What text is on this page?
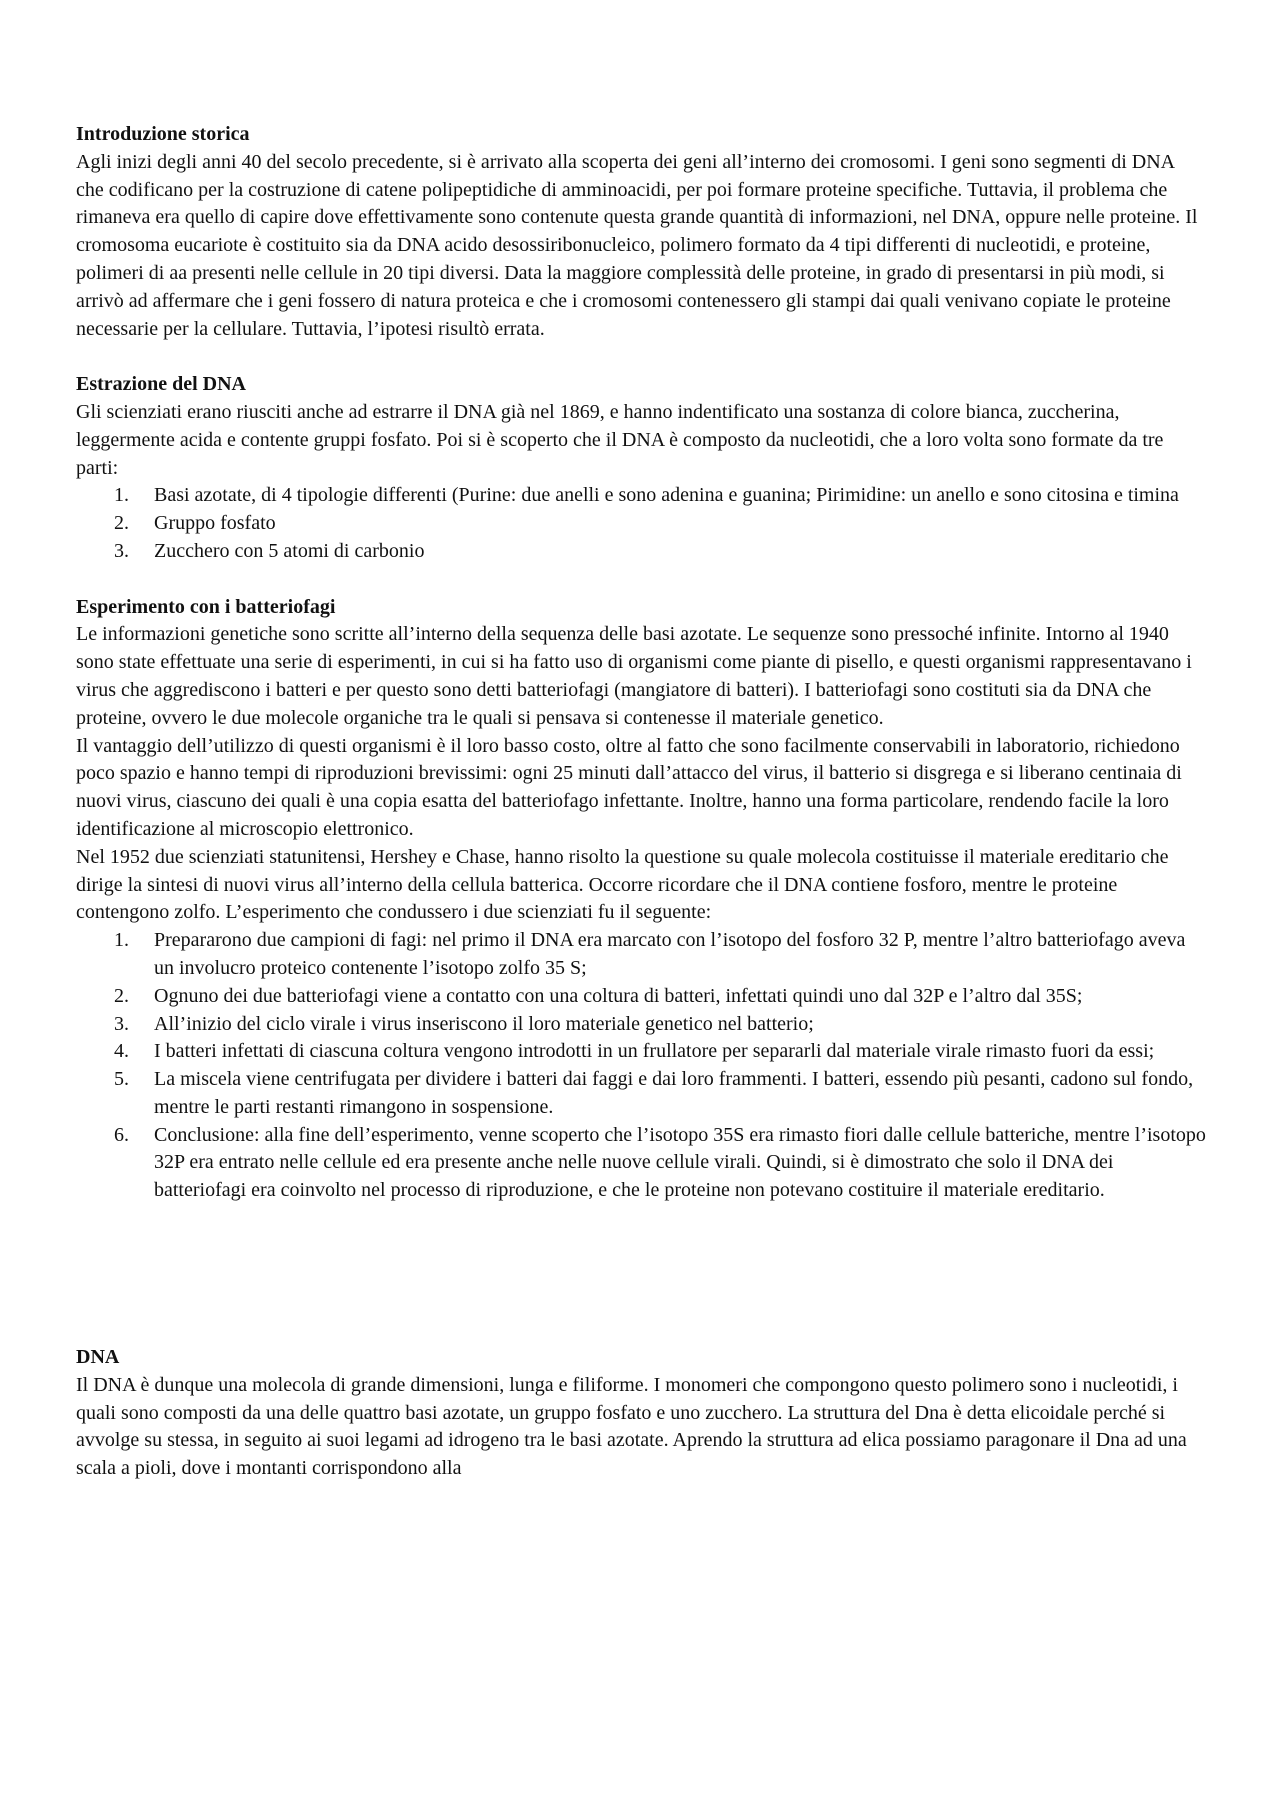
Introduzione storica

Agli inizi degli anni 40 del secolo precedente, si è arrivato alla scoperta dei geni all’interno dei cromosomi. I geni sono segmenti di DNA che codificano per la costruzione di catene polipeptidiche di amminoacidi, per poi formare proteine specifiche. Tuttavia, il problema che rimaneva era quello di capire dove effettivamente sono contenute questa grande quantità di informazioni, nel DNA, oppure nelle proteine. Il cromosoma eucariote è costituito sia da DNA acido desossiribonucleico, polimero formato da 4 tipi differenti di nucleotidi, e proteine, polimeri di aa presenti nelle cellule in 20 tipi diversi. Data la maggiore complessità delle proteine, in grado di presentarsi in più modi, si arrivò ad affermare che i geni fossero di natura proteica e che i cromosomi contenessero gli stampi dai quali venivano copiate le proteine necessarie per la cellulare. Tuttavia, l’ipotesi risultò errata.

Estrazione del DNA

Gli scienziati erano riusciti anche ad estrarre il DNA già nel 1869, e hanno indentificato una sostanza di colore bianca, zuccherina, leggermente acida e contente gruppi fosfato. Poi si è scoperto che il DNA è composto da nucleotidi, che a loro volta sono formate da tre parti:

1.	Basi azotate, di 4 tipologie differenti (Purine: due anelli e sono adenina e guanina; Pirimidine: un anello e sono citosina e timina
2.	Gruppo fosfato
3.	Zucchero con 5 atomi di carbonio

Esperimento con i batteriofagi

Le informazioni genetiche sono scritte all’interno della sequenza delle basi azotate. Le sequenze sono pressoché infinite. Intorno al 1940 sono state effettuate una serie di esperimenti, in cui si ha fatto uso di organismi come piante di pisello, e questi organismi rappresentavano i virus che aggrediscono i batteri e per questo sono detti batteriofagi (mangiatore di batteri). I batteriofagi sono costituti sia da DNA che proteine, ovvero le due molecole organiche tra le quali si pensava si contenesse il materiale genetico.

Il vantaggio dell’utilizzo di questi organismi è il loro basso costo, oltre al fatto che sono facilmente conservabili in laboratorio, richiedono poco spazio e hanno tempi di riproduzioni brevissimi: ogni 25 minuti dall’attacco del virus, il batterio si disgrega e si liberano centinaia di nuovi virus, ciascuno dei quali è una copia esatta del batteriofago infettante. Inoltre, hanno una forma particolare, rendendo facile la loro identificazione al microscopio elettronico.

Nel 1952 due scienziati statunitensi, Hershey e Chase, hanno risolto la questione su quale molecola costituisse il materiale ereditario che dirige la sintesi di nuovi virus all’interno della cellula batterica. Occorre ricordare che il DNA contiene fosforo, mentre le proteine contengono zolfo. L’esperimento che condussero i due scienziati fu il seguente:

1.	Prepararono due campioni di fagi: nel primo il DNA era marcato con l’isotopo del fosforo 32 P, mentre l’altro batteriofago aveva un involucro proteico contenente l’isotopo zolfo 35 S;
2.	Ognuno dei due batteriofagi viene a contatto con una coltura di batteri, infettati quindi uno dal 32P e l’altro dal 35S;
3.	All’inizio del ciclo virale i virus inseriscono il loro materiale genetico nel batterio;
4.	I batteri infettati di ciascuna coltura vengono introdotti in un frullatore per separarli dal materiale virale rimasto fuori da essi;
5.	La miscela viene centrifugata per dividere i batteri dai faggi e dai loro frammenti. I batteri, essendo più pesanti, cadono sul fondo, mentre le parti restanti rimangono in sospensione.
6.	Conclusione: alla fine dell’esperimento, venne scoperto che l’isotopo 35S era rimasto fiori dalle cellule batteriche, mentre l’isotopo 32P era entrato nelle cellule ed era presente anche nelle nuove cellule virali. Quindi, si è dimostrato che solo il DNA dei batteriofagi era coinvolto nel processo di riproduzione, e che le proteine non potevano costituire il materiale ereditario.

DNA

Il DNA è dunque una molecola di grande dimensioni, lunga e filiforme. I monomeri che compongono questo polimero sono i nucleotidi, i quali sono composti da una delle quattro basi azotate, un gruppo fosfato e uno zucchero. La struttura del Dna è detta elicoidale perché si avvolge su stessa, in seguito ai suoi legami ad idrogeno tra le basi azotate. Aprendo la struttura ad elica possiamo paragonare il Dna ad una scala a pioli, dove i montanti corrispondono alla
